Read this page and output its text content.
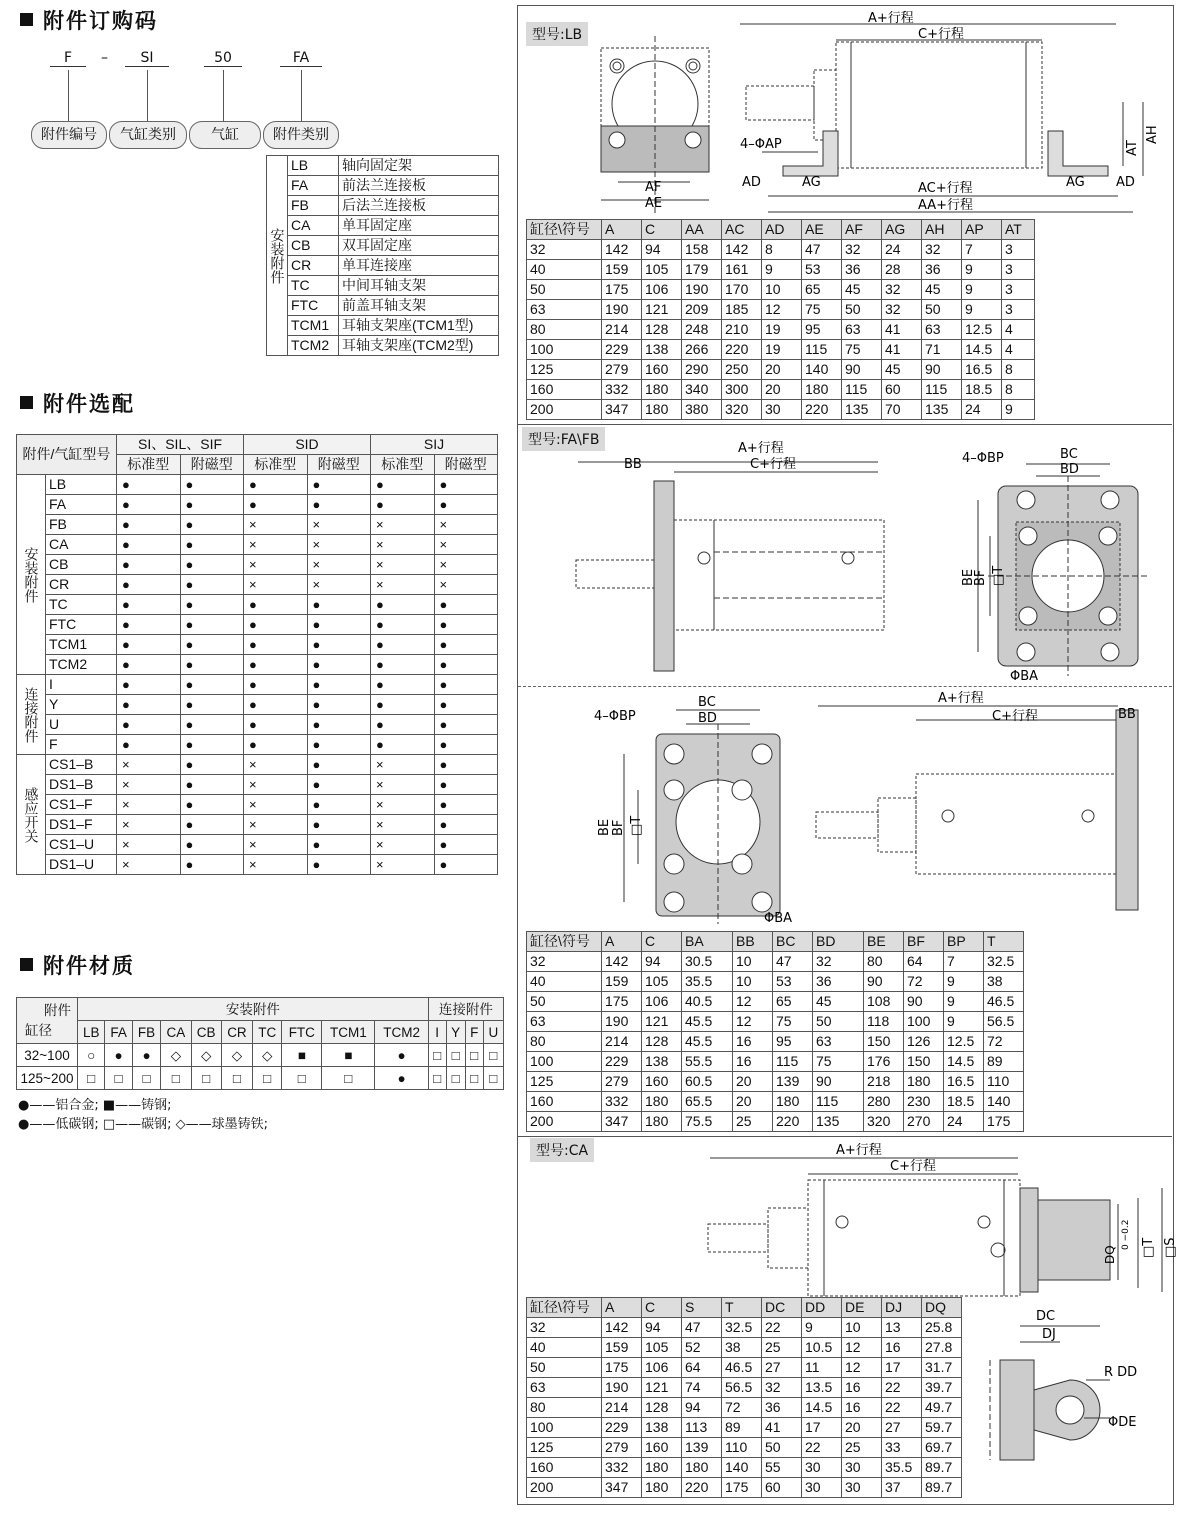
附件订购码
F	–	SI	50	FA
附件编号	气缸类别	气缸	附件类别
安装附件	LB	轴向固定架
	FA	前法兰连接板
	FB	后法兰连接板
	CA	单耳固定座
	CB	双耳固定座
	CR	单耳连接座
	TC	中间耳轴支架
	FTC	前盖耳轴支架
	TCM1	耳轴支架座(TCM1型)
	TCM2	耳轴支架座(TCM2型)
附件选配
附件/气缸型号		SI、SIL、SIF		SID		SIJ	
		标准型	附磁型	标准型	附磁型	标准型	附磁型
安装附件	LB	●	●	●	●	●	●
	FA	●	●	●	●	●	●
	FB	●	●	×	×	×	×
	CA	●	●	×	×	×	×
	CB	●	●	×	×	×	×
	CR	●	●	×	×	×	×
	TC	●	●	●	●	●	●
	FTC	●	●	●	●	●	●
	TCM1	●	●	●	●	●	●
	TCM2	●	●	●	●	●	●
连接附件	I	●	●	●	●	●	●
	Y	●	●	●	●	●	●
	U	●	●	●	●	●	●
	F	●	●	●	●	●	●
感应开关	CS1–B	×	●	×	●	×	●
	DS1–B	×	●	×	●	×	●
	CS1–F	×	●	×	●	×	●
	DS1–F	×	●	×	●	×	●
	CS1–U	×	●	×	●	×	●
	DS1–U	×	●	×	●	×	●
附件材质
附件
缸径	安装附件										连接附件			
	LB	FA	FB	CA	CB	CR	TC	FTC	TCM1	TCM2	I	Y	F	U
32~100	○	●	●	◇	◇	◇	◇	■	■	●	□	□	□	□
125~200	□	□	□	□	□	□	□	□	□	●	□	□	□	□
●——铝合金; ■——铸钢;
●——低碳钢; □——碳钢; ◇——球墨铸铁;
型号:LB
A+行程
C+行程
4–ΦAP
AD	AG	AC+行程
AA+行程
AF
AE
AG AD
AT
AH
缸径\符号	A	C	AA	AC	AD	AE	AF	AG	AH	AP	AT
32	142	94	158	142	8	47	32	24	32	7	3
40	159	105	179	161	9	53	36	28	36	9	3
50	175	106	190	170	10	65	45	32	45	9	3
63	190	121	209	185	12	75	50	32	50	9	3
80	214	128	248	210	19	95	63	41	63	12.5	4
100	229	138	266	220	19	115	75	41	71	14.5	4
125	279	160	290	250	20	140	90	45	90	16.5	8
160	332	180	340	300	20	180	115	60	115	18.5	8
200	347	180	380	320	30	220	135	70	135	24	9
型号:FA\FB
A+行程
C+行程
BB	4–ΦBP	BC
BD
BE
BF □T
ΦBA
4–ΦBP
BC
BD
BE BF □T
ΦBA
A+行程
C+行程	BB
缸径\符号	A	C	BA	BB	BC	BD	BE	BF	BP	T
32	142	94	30.5	10	47	32	80	64	7	32.5
40	159	105	35.5	10	53	36	90	72	9	38
50	175	106	40.5	12	65	45	108	90	9	46.5
63	190	121	45.5	12	75	50	118	100	9	56.5
80	214	128	45.5	16	95	63	150	126	12.5	72
100	229	138	55.5	16	115	75	176	150	14.5	89
125	279	160	60.5	20	139	90	218	180	16.5	110
160	332	180	65.5	20	180	115	280	230	18.5	140
200	347	180	75.5	25	220	135	320	270	24	175
型号:CA	A+行程
C+行程
DQ
0 −0.2 □T □S
缸径\符号	A	C	S	T	DC	DD	DE	DJ	DQ
32	142	94	47	32.5	22	9	10	13	25.8
40	159	105	52	38	25	10.5	12	16	27.8
50	175	106	64	46.5	27	11	12	17	31.7
63	190	121	74	56.5	32	13.5	16	22	39.7
80	214	128	94	72	36	14.5	16	22	49.7
100	229	138	113	89	41	17	20	27	59.7
125	279	160	139	110	50	22	25	33	69.7
160	332	180	180	140	55	30	30	35.5	89.7
200	347	180	220	175	60	30	30	37	89.7
DC
DJ
R DD
ΦDE
